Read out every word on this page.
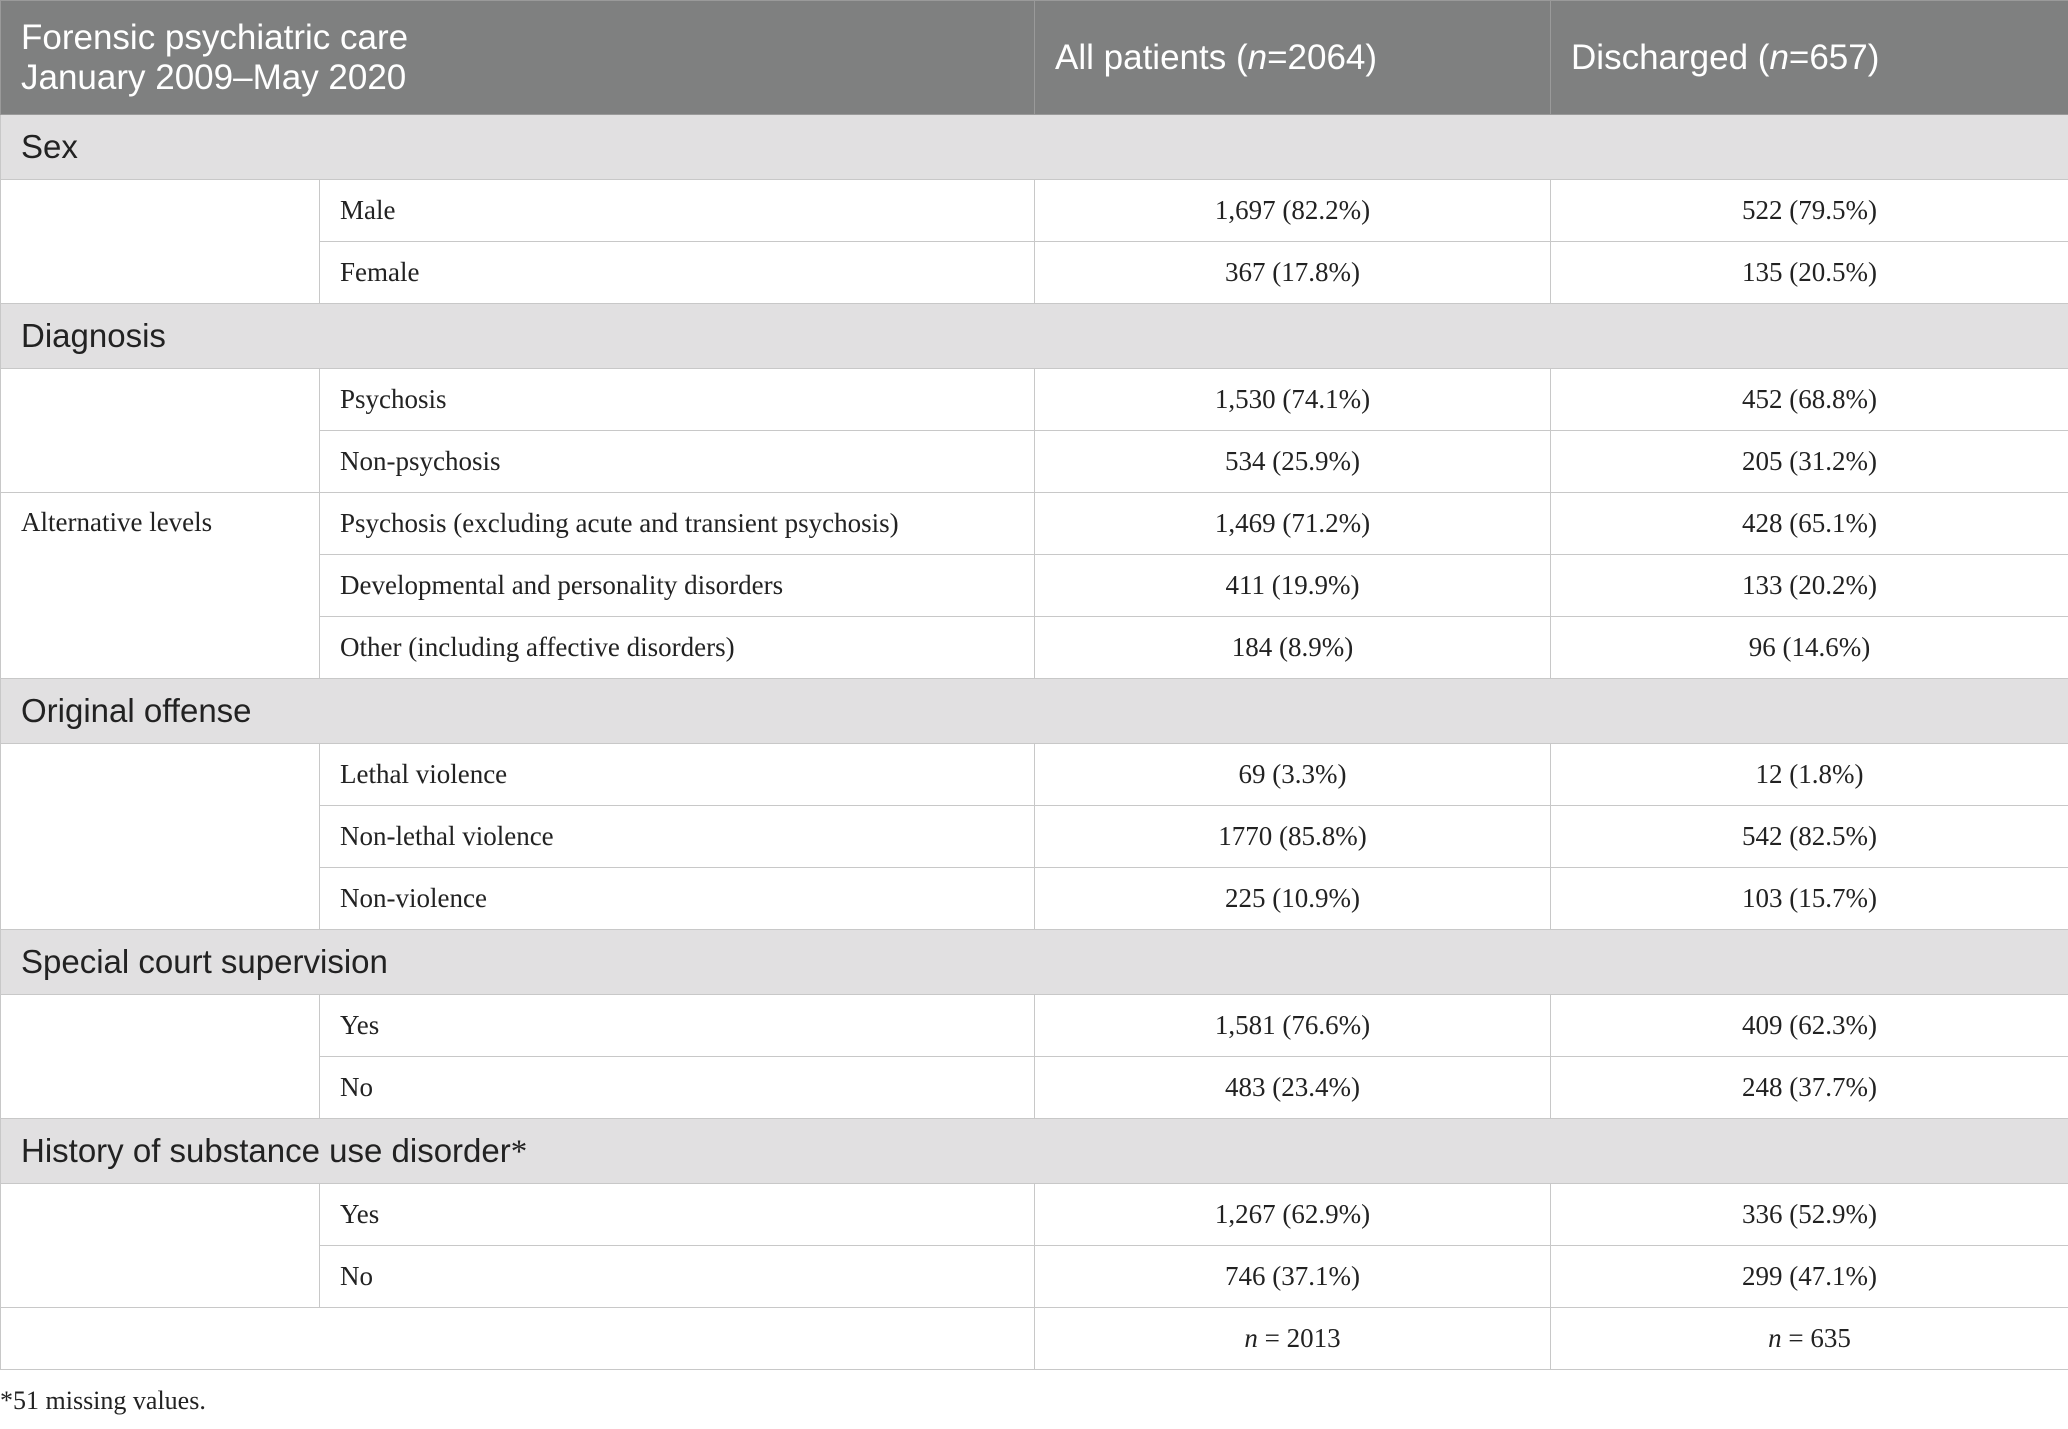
Forensic psychiatric care
January 2009–May 2020		All patients (n=2064)	Discharged (n=657)
Sex			
	Male	1,697 (82.2%)	522 (79.5%)
	Female	367 (17.8%)	135 (20.5%)
Diagnosis			
	Psychosis	1,530 (74.1%)	452 (68.8%)
	Non-psychosis	534 (25.9%)	205 (31.2%)
Alternative levels	Psychosis (excluding acute and transient psychosis)	1,469 (71.2%)	428 (65.1%)
	Developmental and personality disorders	411 (19.9%)	133 (20.2%)
	Other (including affective disorders)	184 (8.9%)	96 (14.6%)
Original offense			
	Lethal violence	69 (3.3%)	12 (1.8%)
	Non-lethal violence	1770 (85.8%)	542 (82.5%)
	Non-violence	225 (10.9%)	103 (15.7%)
Special court supervision			
	Yes	1,581 (76.6%)	409 (62.3%)
	No	483 (23.4%)	248 (37.7%)
History of substance use disorder*			
	Yes	1,267 (62.9%)	336 (52.9%)
	No	746 (37.1%)	299 (47.1%)
		n = 2013	n = 635
*51 missing values.
